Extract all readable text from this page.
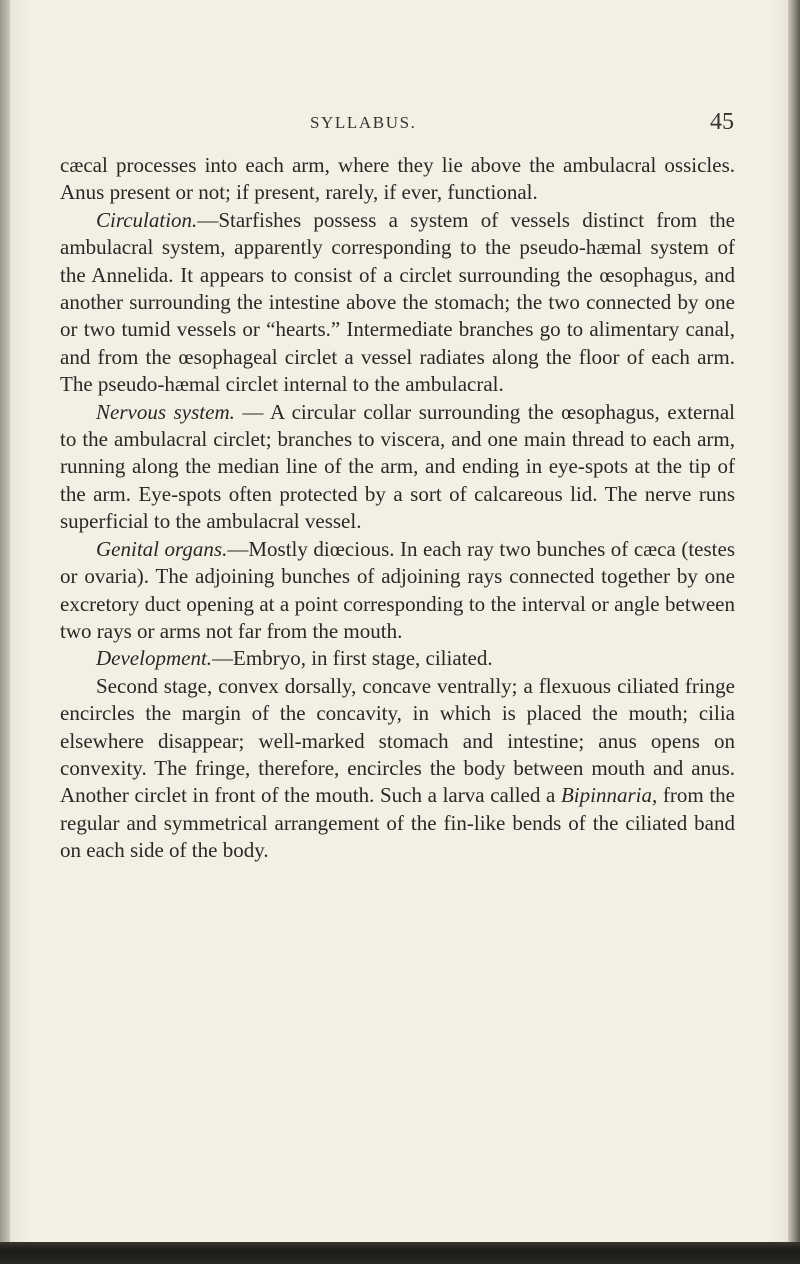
SYLLABUS.	45

cæcal processes into each arm, where they lie above the ambulacral ossicles. Anus present or not; if present, rarely, if ever, functional.

Circulation.—Starfishes possess a system of vessels distinct from the ambulacral system, apparently corresponding to the pseudo-hæmal system of the Annelida. It appears to consist of a circlet surrounding the œsophagus, and another surrounding the intestine above the stomach; the two connected by one or two tumid vessels or “hearts.” Intermediate branches go to alimentary canal, and from the œsophageal circlet a vessel radiates along the floor of each arm. The pseudo-hæmal circlet internal to the ambulacral.

Nervous system. — A circular collar surrounding the œsophagus, external to the ambulacral circlet; branches to viscera, and one main thread to each arm, running along the median line of the arm, and ending in eye-spots at the tip of the arm. Eye-spots often protected by a sort of calcareous lid. The nerve runs superficial to the ambulacral vessel.

Genital organs.—Mostly diœcious. In each ray two bunches of cæca (testes or ovaria). The adjoining bunches of adjoining rays connected together by one excretory duct opening at a point corresponding to the interval or angle between two rays or arms not far from the mouth.

Development.—Embryo, in first stage, ciliated.

Second stage, convex dorsally, concave ventrally; a flexuous ciliated fringe encircles the margin of the concavity, in which is placed the mouth; cilia elsewhere disappear; well-marked stomach and intestine; anus opens on convexity. The fringe, therefore, encircles the body between mouth and anus. Another circlet in front of the mouth. Such a larva called a Bipinnaria, from the regular and symmetrical arrangement of the fin-like bends of the ciliated band on each side of the body.
